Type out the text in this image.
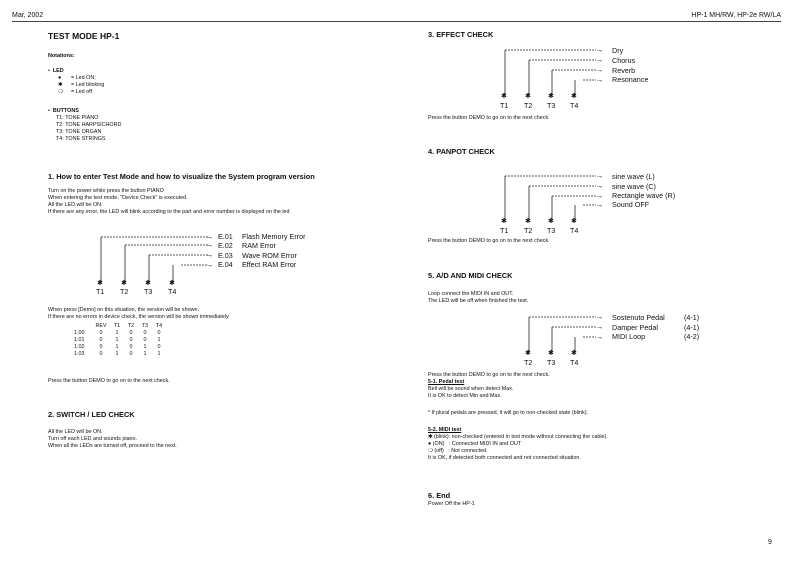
Mar, 2002	HP-1 MH/RW, HP-2e RW/LA
TEST MODE HP-1
Notations:
• LED
● = Led ON;
✱ = Led blinking
❍ = Led off
• BUTTONS
T1: TONE PIANO
T2: TONE HARPSICHORD
T3: TONE ORGAN
T4: TONE STRINGS
1. How to enter Test Mode and how to visualize the System program version
Turn on the power while press the button PIANO
When entering the test mode, "Device Check" is executed.
All the LED will be ON.
If there are any error, the LED will blink according to the part and error number is displayed on the led
→
→
→
→
E.01 Flash Memory Error
E.02 RAM Error
E.03 Wave ROM Error
E.04 Effect RAM Error
✱ ✱ ✱ ✱
T1 T2 T3 T4
When press [Demo] on this situation, the version will be shown.
If there are no errors in device check, the version will be shown immediately.
	REV	T1	T2	T3	T4
1.00	0	1	0	0	0
1.01	0	1	0	0	1
1.02	0	1	0	1	0
1.03	0	1	0	1	1
Press the button DEMO to go on to the next check.
2. SWITCH / LED CHECK
All the LED will be ON.
Turn off each LED and sounds piano.
When all the LEDs are turned off, proceed to the next.
3. EFFECT CHECK
→
→
→
→
Dry
Chorus
Reverb
Resonance
✱ ✱ ✱ ✱
T1 T2 T3 T4
Press the button DEMO to go on to the next check.
4. PANPOT CHECK
→
→
→
→
sine wave (L)
sine wave (C)
Rectangle wave (R)
Sound OFF
✱ ✱ ✱ ✱
T1 T2 T3 T4
Press the button DEMO to go on to the next check.
5. A/D AND MIDI CHECK
Loop connect the MIDI IN and OUT.
The LED will be off when finished the test.
→
→
→
Sostenuto Pedal
Damper Pedal
MIDI Loop
(4-1)
(4-1)
(4-2)
✱ ✱ ✱
T2 T3 T4
Press the button DEMO to go on to the next check.
5-1. Pedal test
Bell will be sound when detect Max.
It is OK to detect Min and Max.
* If plural pedals are pressed, it will go to non-checked state (blink).
5-2. MIDI test
✱ (blink): non-checked (entered in test mode without connecting the cable).
● (ON)   : Connected MIDI IN and OUT
❍ (off)   : Not connected.
It is OK, if detected both connected and not connected situation.
6. End
Power Off the HP-1
9
